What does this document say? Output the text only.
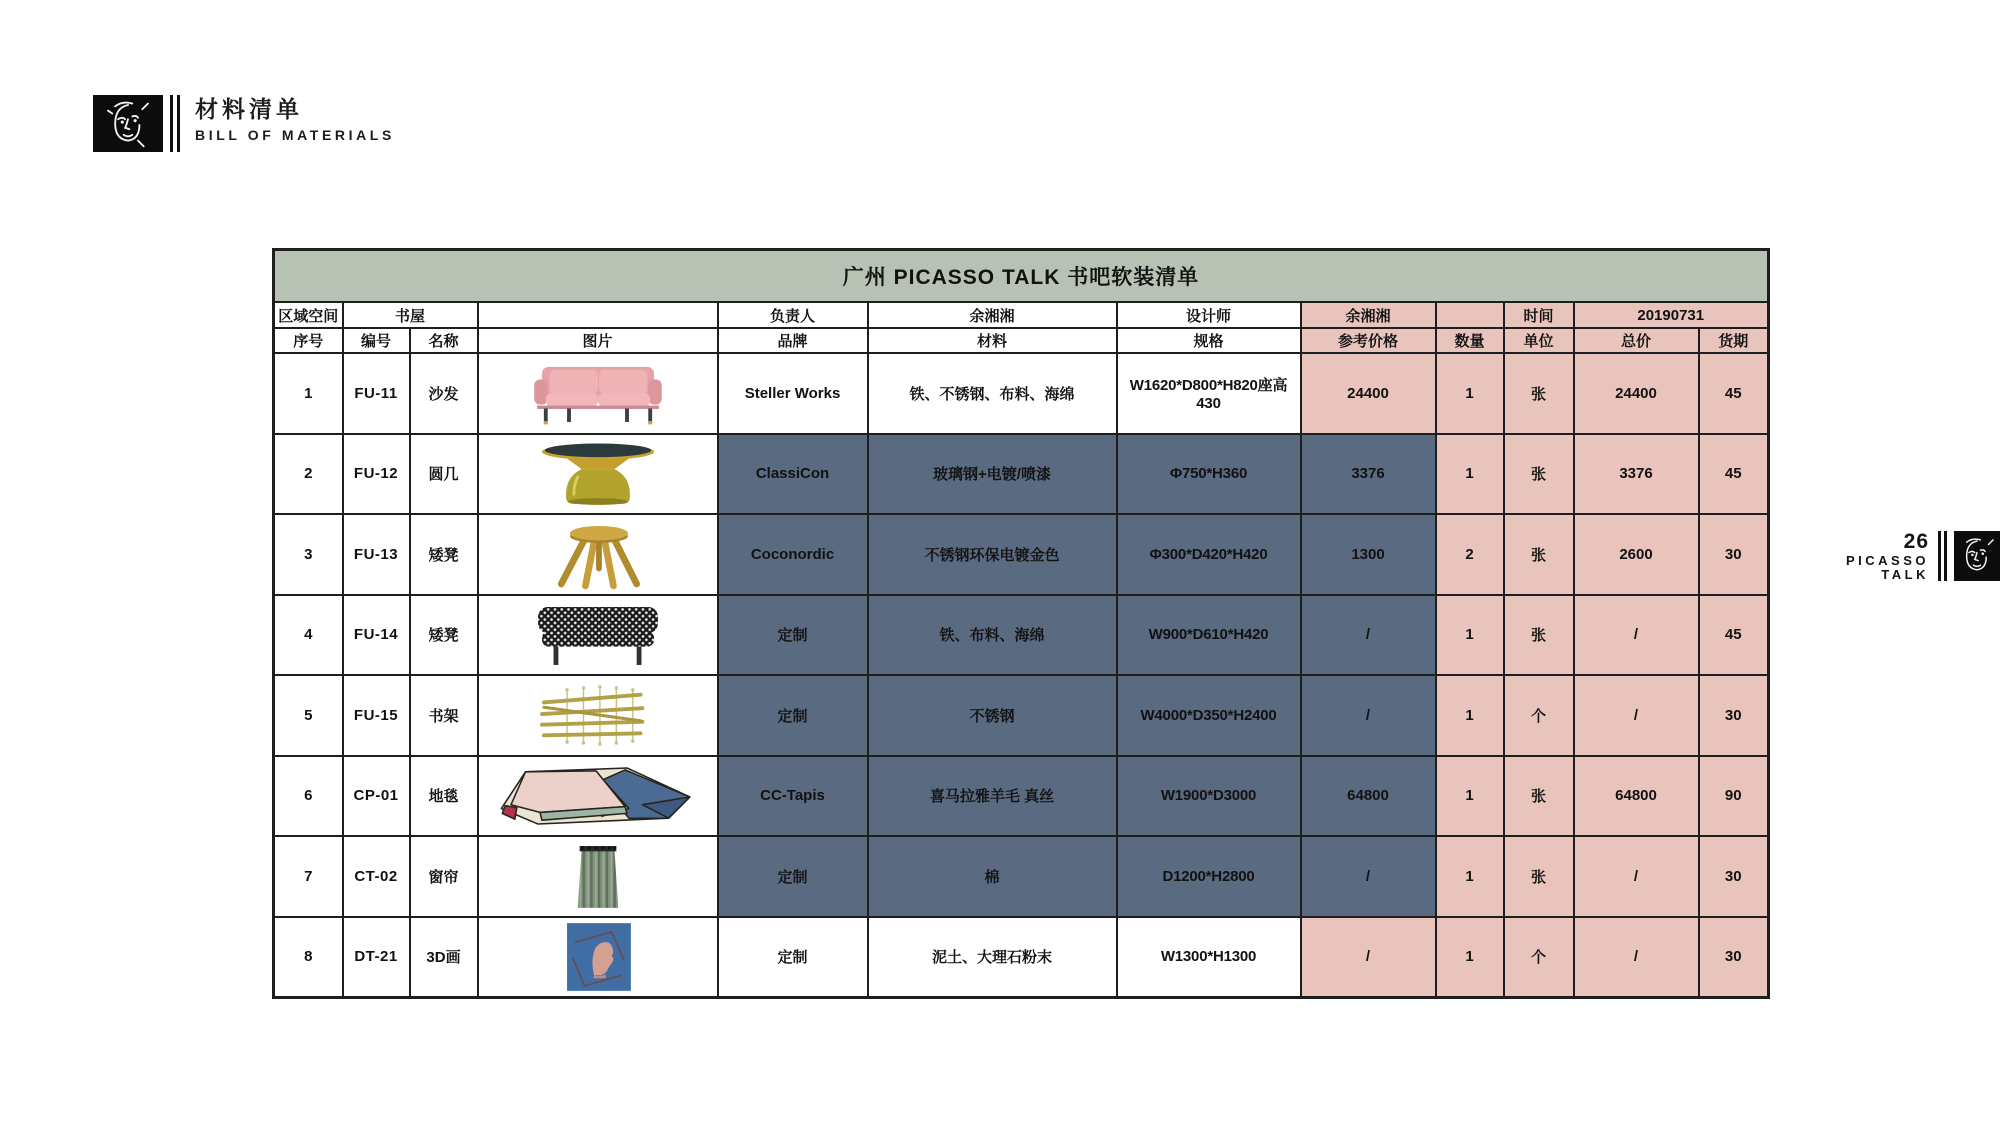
材料清单
BILL OF MATERIALS
26
PICASSO
TALK
广州 PICASSO TALK 书吧软装清单											
区域空间	书屋			负责人	余湘湘	设计师	余湘湘		时间	20190731	
序号	编号	名称	图片	品牌	材料	规格	参考价格	数量	单位	总价	货期
1	FU-11	沙发		Steller Works	铁、不锈钢、布料、海绵	W1620*D800*H820座高430	24400	1	张	24400	45
2	FU-12	圆几		ClassiCon	玻璃钢+电镀/喷漆	Φ750*H360	3376	1	张	3376	45
3	FU-13	矮凳		Coconordic	不锈钢环保电镀金色	Φ300*D420*H420	1300	2	张	2600	30
4	FU-14	矮凳		定制	铁、布料、海绵	W900*D610*H420	/	1	张	/	45
5	FU-15	书架		定制	不锈钢	W4000*D350*H2400	/	1	个	/	30
6	CP-01	地毯		CC-Tapis	喜马拉雅羊毛 真丝	W1900*D3000	64800	1	张	64800	90
7	CT-02	窗帘		定制	棉	D1200*H2800	/	1	张	/	30
8	DT-21	3D画		定制	泥土、大理石粉末	W1300*H1300	/	1	个	/	30
